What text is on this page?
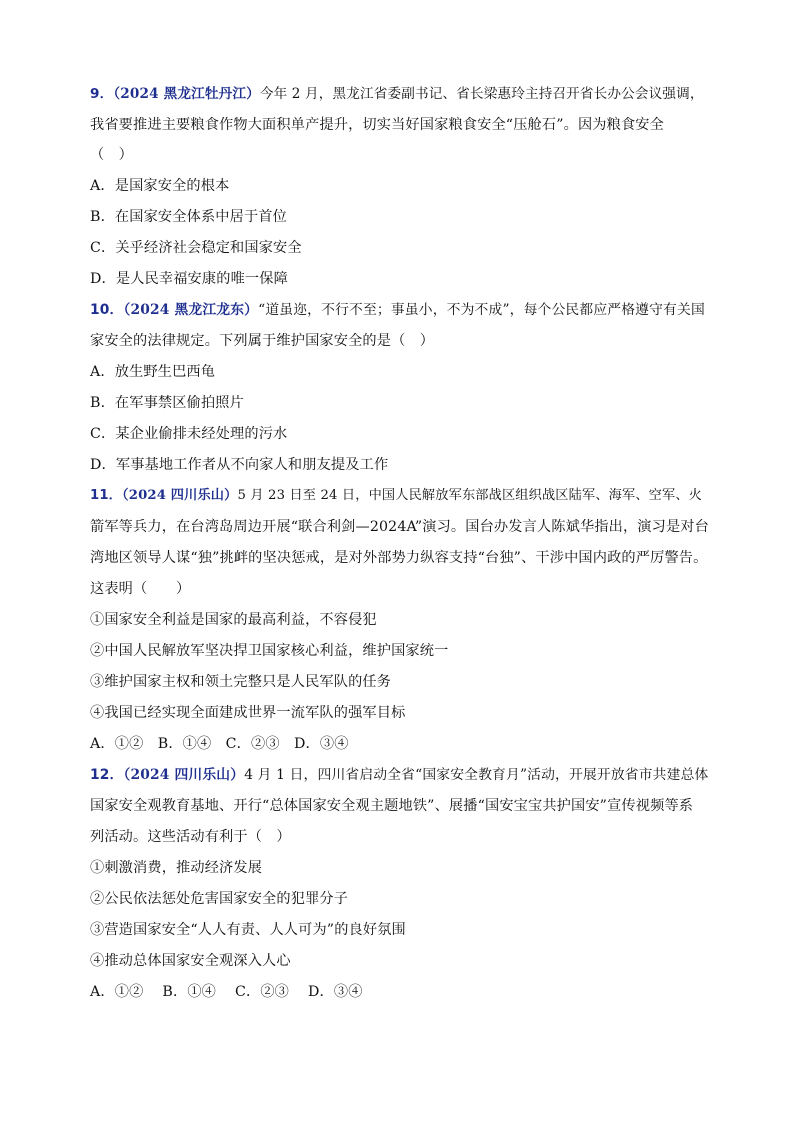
9．（2024 黑龙江牡丹江）今年 2 月，黑龙江省委副书记、省长梁惠玲主持召开省长办公会议强调，
我省要推进主要粮食作物大面积单产提升，切实当好国家粮食安全“压舱石”。因为粮食安全
（　）
A．是国家安全的根本
B．在国家安全体系中居于首位
C．关乎经济社会稳定和国家安全
D．是人民幸福安康的唯一保障
10．（2024 黑龙江龙东）“道虽迩，不行不至；事虽小，不为不成”，每个公民都应严格遵守有关国
家安全的法律规定。下列属于维护国家安全的是（　）
A．放生野生巴西龟
B．在军事禁区偷拍照片
C．某企业偷排未经处理的污水
D．军事基地工作者从不向家人和朋友提及工作
11．（2024 四川乐山）5 月 23 日至 24 日，中国人民解放军东部战区组织战区陆军、海军、空军、火
箭军等兵力，在台湾岛周边开展“联合利剑—2024A”演习。国台办发言人陈斌华指出，演习是对台
湾地区领导人谋“独”挑衅的坚决惩戒，是对外部势力纵容支持“台独”、干涉中国内政的严厉警告。
这表明（　　）
①国家安全利益是国家的最高利益，不容侵犯
②中国人民解放军坚决捍卫国家核心利益，维护国家统一
③维护国家主权和领土完整只是人民军队的任务
④我国已经实现全面建成世界一流军队的强军目标
A．①②　B．①④　C．②③　D．③④
12．（2024 四川乐山）4 月 1 日，四川省启动全省“国家安全教育月”活动，开展开放省市共建总体
国家安全观教育基地、开行“总体国家安全观主题地铁”、展播“国安宝宝共护国安”宣传视频等系
列活动。这些活动有利于（　）
①刺激消费，推动经济发展
②公民依法惩处危害国家安全的犯罪分子
③营造国家安全“人人有责、人人可为”的良好氛围
④推动总体国家安全观深入人心
A．①②　 B．①④　 C．②③　 D．③④
